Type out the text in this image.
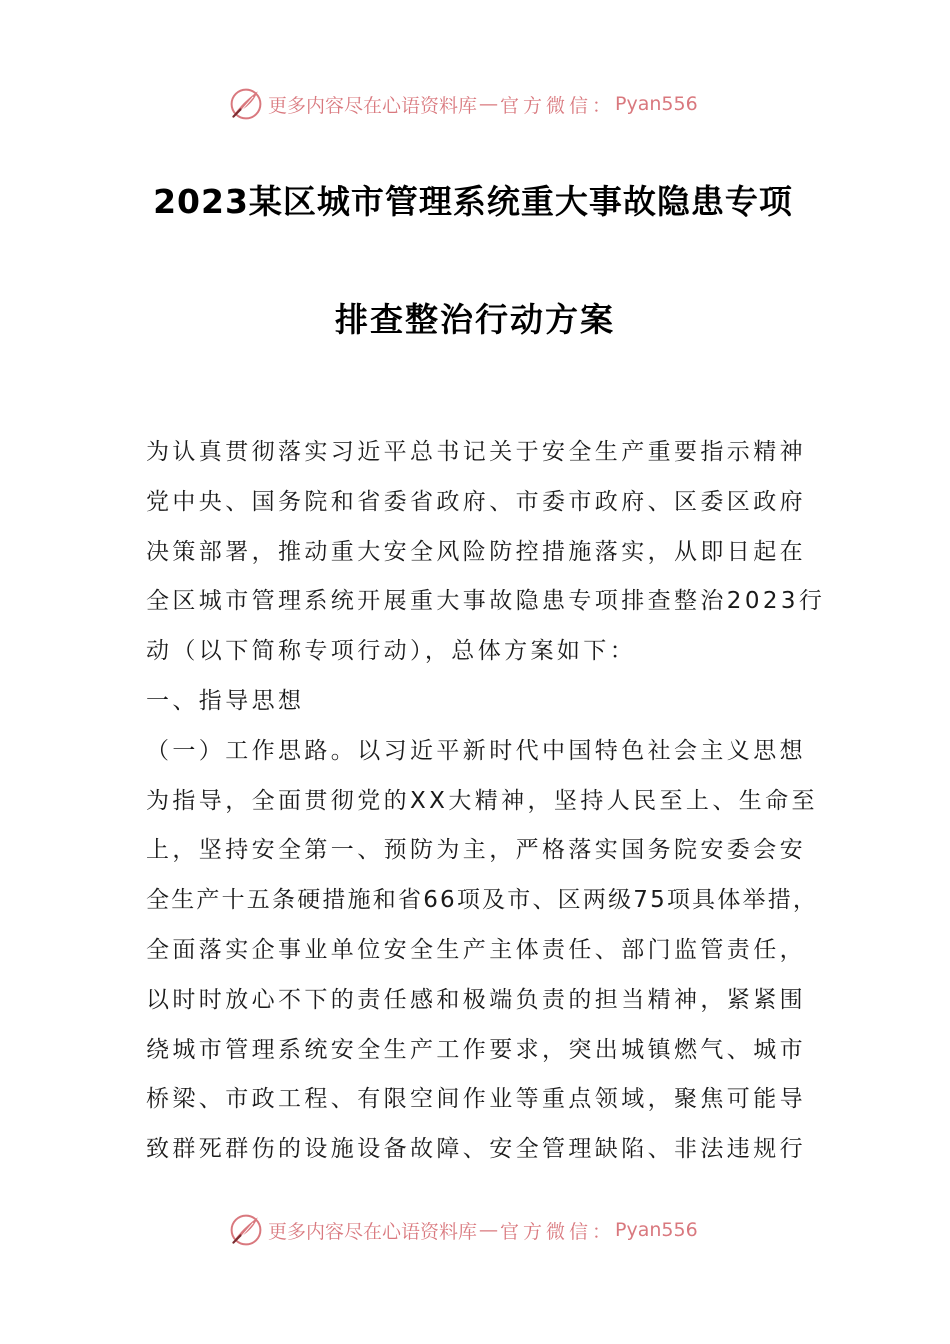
更多内容尽在心语资料库 — 官方微信： Pyan556
2023某区城市管理系统重大事故隐患专项
排查整治行动方案
为认真贯彻落实习近平总书记关于安全生产重要指示精神
党中央、国务院和省委省政府、市委市政府、区委区政府
决策部署，推动重大安全风险防控措施落实，从即日起在
全区城市管理系统开展重大事故隐患专项排查整治2023行
动（以下简称专项行动），总体方案如下：
一、指导思想
（一）工作思路。以习近平新时代中国特色社会主义思想
为指导，全面贯彻党的XX大精神，坚持人民至上、生命至
上，坚持安全第一、预防为主，严格落实国务院安委会安
全生产十五条硬措施和省66项及市、区两级75项具体举措，
全面落实企事业单位安全生产主体责任、部门监管责任，
以时时放心不下的责任感和极端负责的担当精神，紧紧围
绕城市管理系统安全生产工作要求，突出城镇燃气、城市
桥梁、市政工程、有限空间作业等重点领域，聚焦可能导
致群死群伤的设施设备故障、安全管理缺陷、非法违规行
更多内容尽在心语资料库 — 官方微信： Pyan556
